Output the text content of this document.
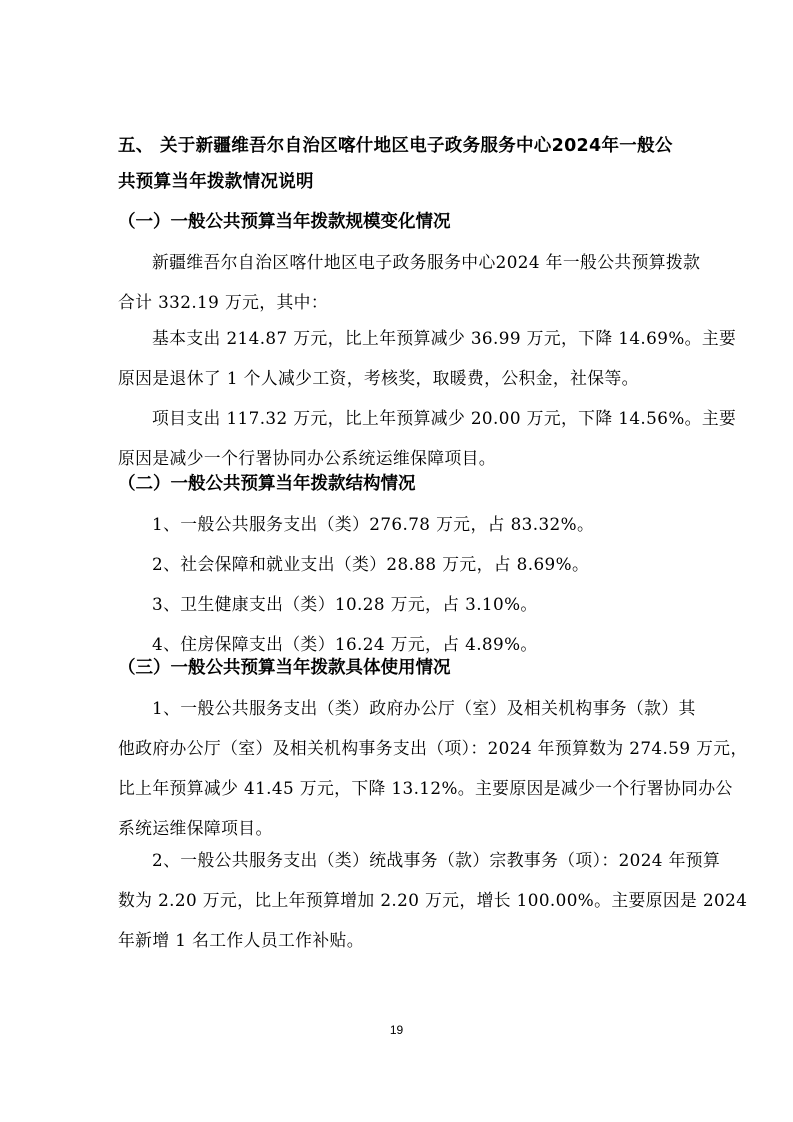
五、 关于新疆维吾尔自治区喀什地区电子政务服务中心2024年一般公
共预算当年拨款情况说明
（一）一般公共预算当年拨款规模变化情况
新疆维吾尔自治区喀什地区电子政务服务中心2024 年一般公共预算拨款
合计 332.19 万元，其中：
基本支出 214.87 万元，比上年预算减少 36.99 万元，下降 14.69%。主要
原因是退休了 1 个人减少工资，考核奖，取暖费，公积金，社保等。
项目支出 117.32 万元，比上年预算减少 20.00 万元，下降 14.56%。主要
原因是减少一个行署协同办公系统运维保障项目。
（二）一般公共预算当年拨款结构情况
1、一般公共服务支出（类）276.78 万元，占 83.32%。
2、社会保障和就业支出（类）28.88 万元，占 8.69%。
3、卫生健康支出（类）10.28 万元，占 3.10%。
4、住房保障支出（类）16.24 万元，占 4.89%。
（三）一般公共预算当年拨款具体使用情况
1、一般公共服务支出（类）政府办公厅（室）及相关机构事务（款）其
他政府办公厅（室）及相关机构事务支出（项）：2024 年预算数为 274.59 万元，
比上年预算减少 41.45 万元，下降 13.12%。主要原因是减少一个行署协同办公
系统运维保障项目。
2、一般公共服务支出（类）统战事务（款）宗教事务（项）：2024 年预算
数为 2.20 万元，比上年预算增加 2.20 万元，增长 100.00%。主要原因是 2024
年新增 1 名工作人员工作补贴。
19
